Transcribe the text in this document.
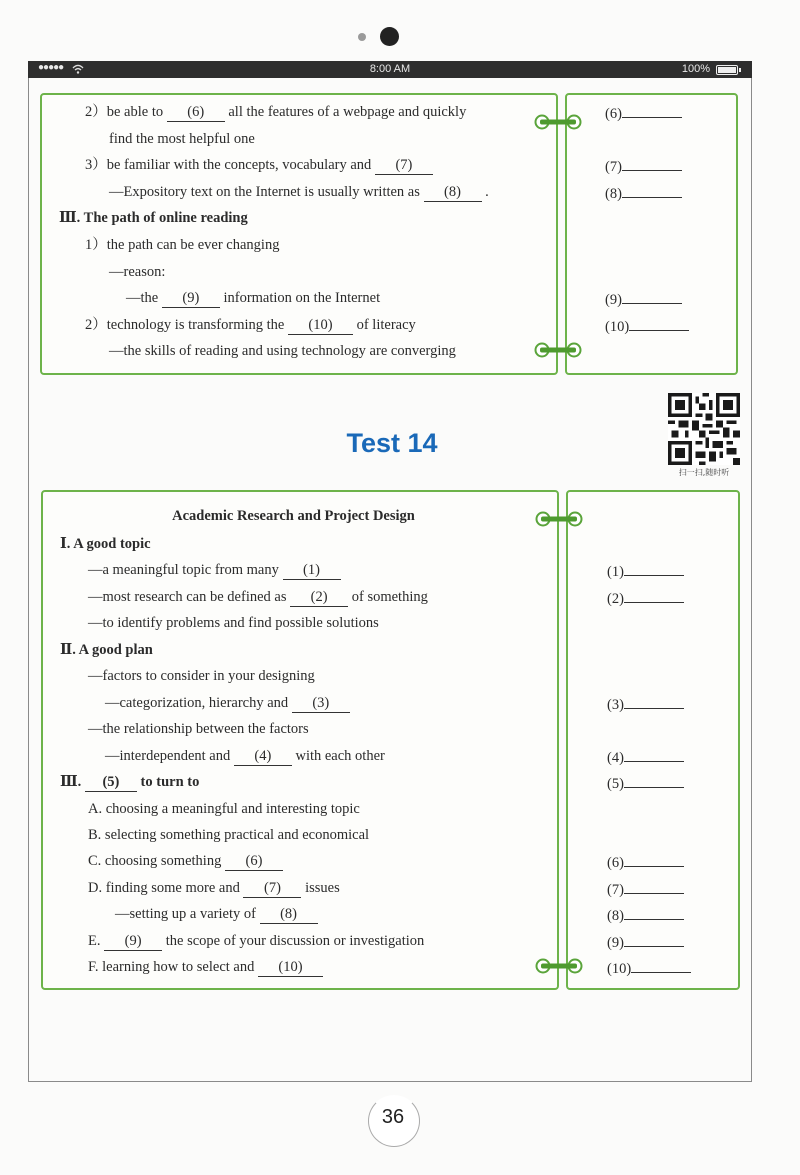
●●●●●	8:00 AM	100%
2）be able to (6) all the features of a webpage and quickly
find the most helpful one
3）be familiar with the concepts, vocabulary and (7)
—Expository text on the Internet is usually written as (8) .
Ⅲ. The path of online reading
1）the path can be ever changing
—reason:
—the (9) information on the Internet
2）technology is transforming the (10) of literacy
—the skills of reading and using technology are converging
(6)
(7)
(8)
(9)
(10)
扫一扫,随时听
Test 14
Academic Research and Project Design
Ⅰ. A good topic
—a meaningful topic from many (1)
—most research can be defined as (2) of something
—to identify problems and find possible solutions
Ⅱ. A good plan
—factors to consider in your designing
—categorization, hierarchy and (3)
—the relationship between the factors
—interdependent and (4) with each other
Ⅲ. (5) to turn to
A. choosing a meaningful and interesting topic
B. selecting something practical and economical
C. choosing something (6)
D. finding some more and (7) issues
—setting up a variety of (8)
E. (9) the scope of your discussion or investigation
F. learning how to select and (10)
(1)
(2)
(3)
(4)
(5)
(6)
(7)
(8)
(9)
(10)
36
